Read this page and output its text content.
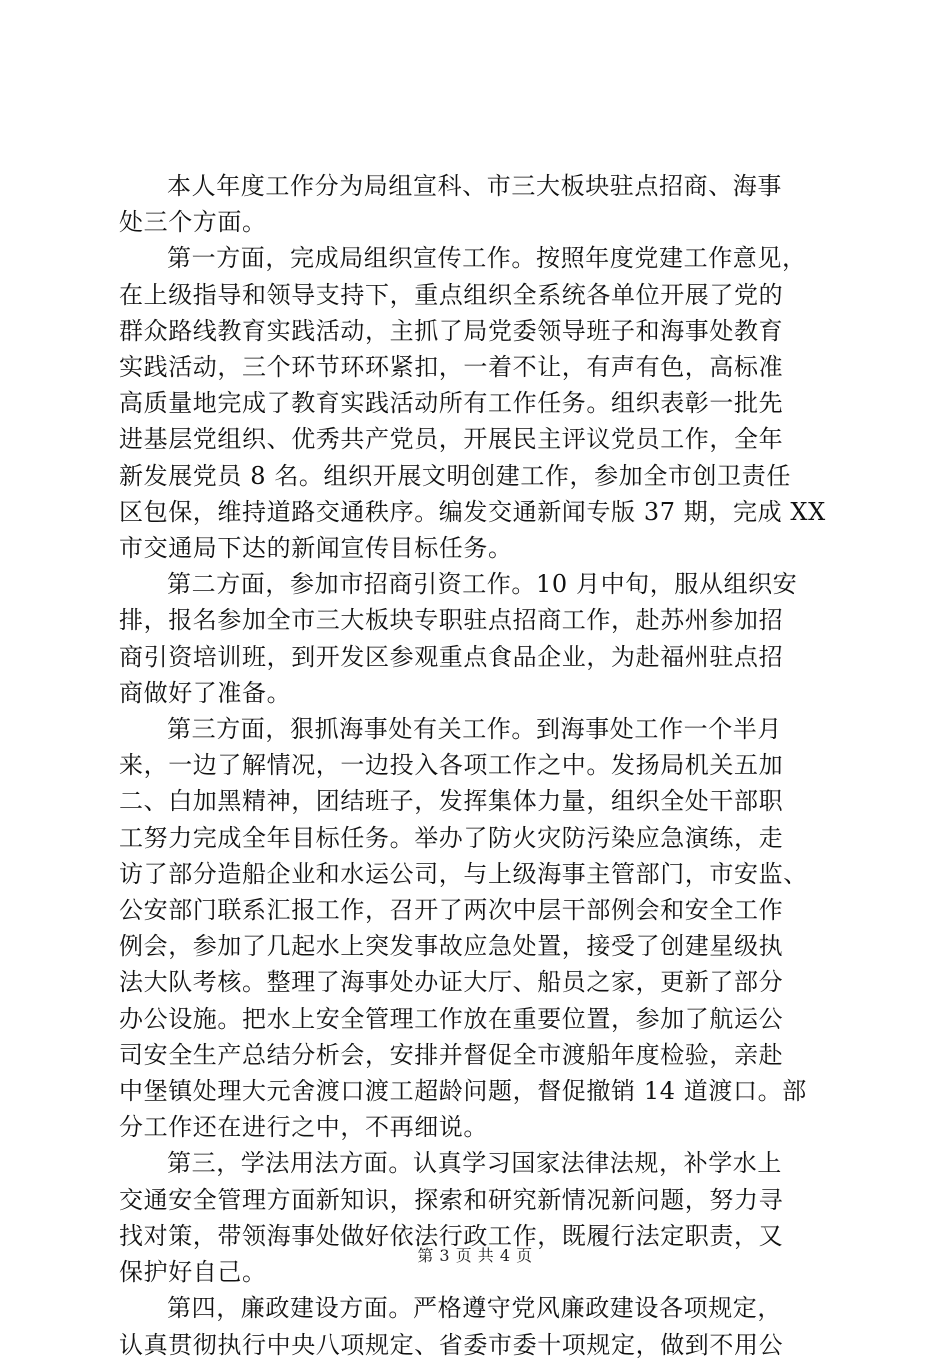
本人年度工作分为局组宣科、市三大板块驻点招商、海事
处三个方面。

第一方面，完成局组织宣传工作。按照年度党建工作意见，
在上级指导和领导支持下，重点组织全系统各单位开展了党的
群众路线教育实践活动，主抓了局党委领导班子和海事处教育
实践活动，三个环节环环紧扣，一着不让，有声有色，高标准
高质量地完成了教育实践活动所有工作任务。组织表彰一批先
进基层党组织、优秀共产党员，开展民主评议党员工作，全年
新发展党员 8 名。组织开展文明创建工作，参加全市创卫责任
区包保，维持道路交通秩序。编发交通新闻专版 37 期，完成 XX
市交通局下达的新闻宣传目标任务。

第二方面，参加市招商引资工作。10 月中旬，服从组织安
排，报名参加全市三大板块专职驻点招商工作，赴苏州参加招
商引资培训班，到开发区参观重点食品企业，为赴福州驻点招
商做好了准备。

第三方面，狠抓海事处有关工作。到海事处工作一个半月
来，一边了解情况，一边投入各项工作之中。发扬局机关五加
二、白加黑精神，团结班子，发挥集体力量，组织全处干部职
工努力完成全年目标任务。举办了防火灾防污染应急演练，走
访了部分造船企业和水运公司，与上级海事主管部门，市安监、
公安部门联系汇报工作，召开了两次中层干部例会和安全工作
例会，参加了几起水上突发事故应急处置，接受了创建星级执
法大队考核。整理了海事处办证大厅、船员之家，更新了部分
办公设施。把水上安全管理工作放在重要位置，参加了航运公
司安全生产总结分析会，安排并督促全市渡船年度检验，亲赴
中堡镇处理大元舍渡口渡工超龄问题，督促撤销 14 道渡口。部
分工作还在进行之中，不再细说。

第三，学法用法方面。认真学习国家法律法规，补学水上
交通安全管理方面新知识，探索和研究新情况新问题，努力寻
找对策，带领海事处做好依法行政工作，既履行法定职责，又
保护好自己。

第四，廉政建设方面。严格遵守党风廉政建设各项规定，
认真贯彻执行中央八项规定、省委市委十项规定，做到不用公

第 3 页 共 4 页
